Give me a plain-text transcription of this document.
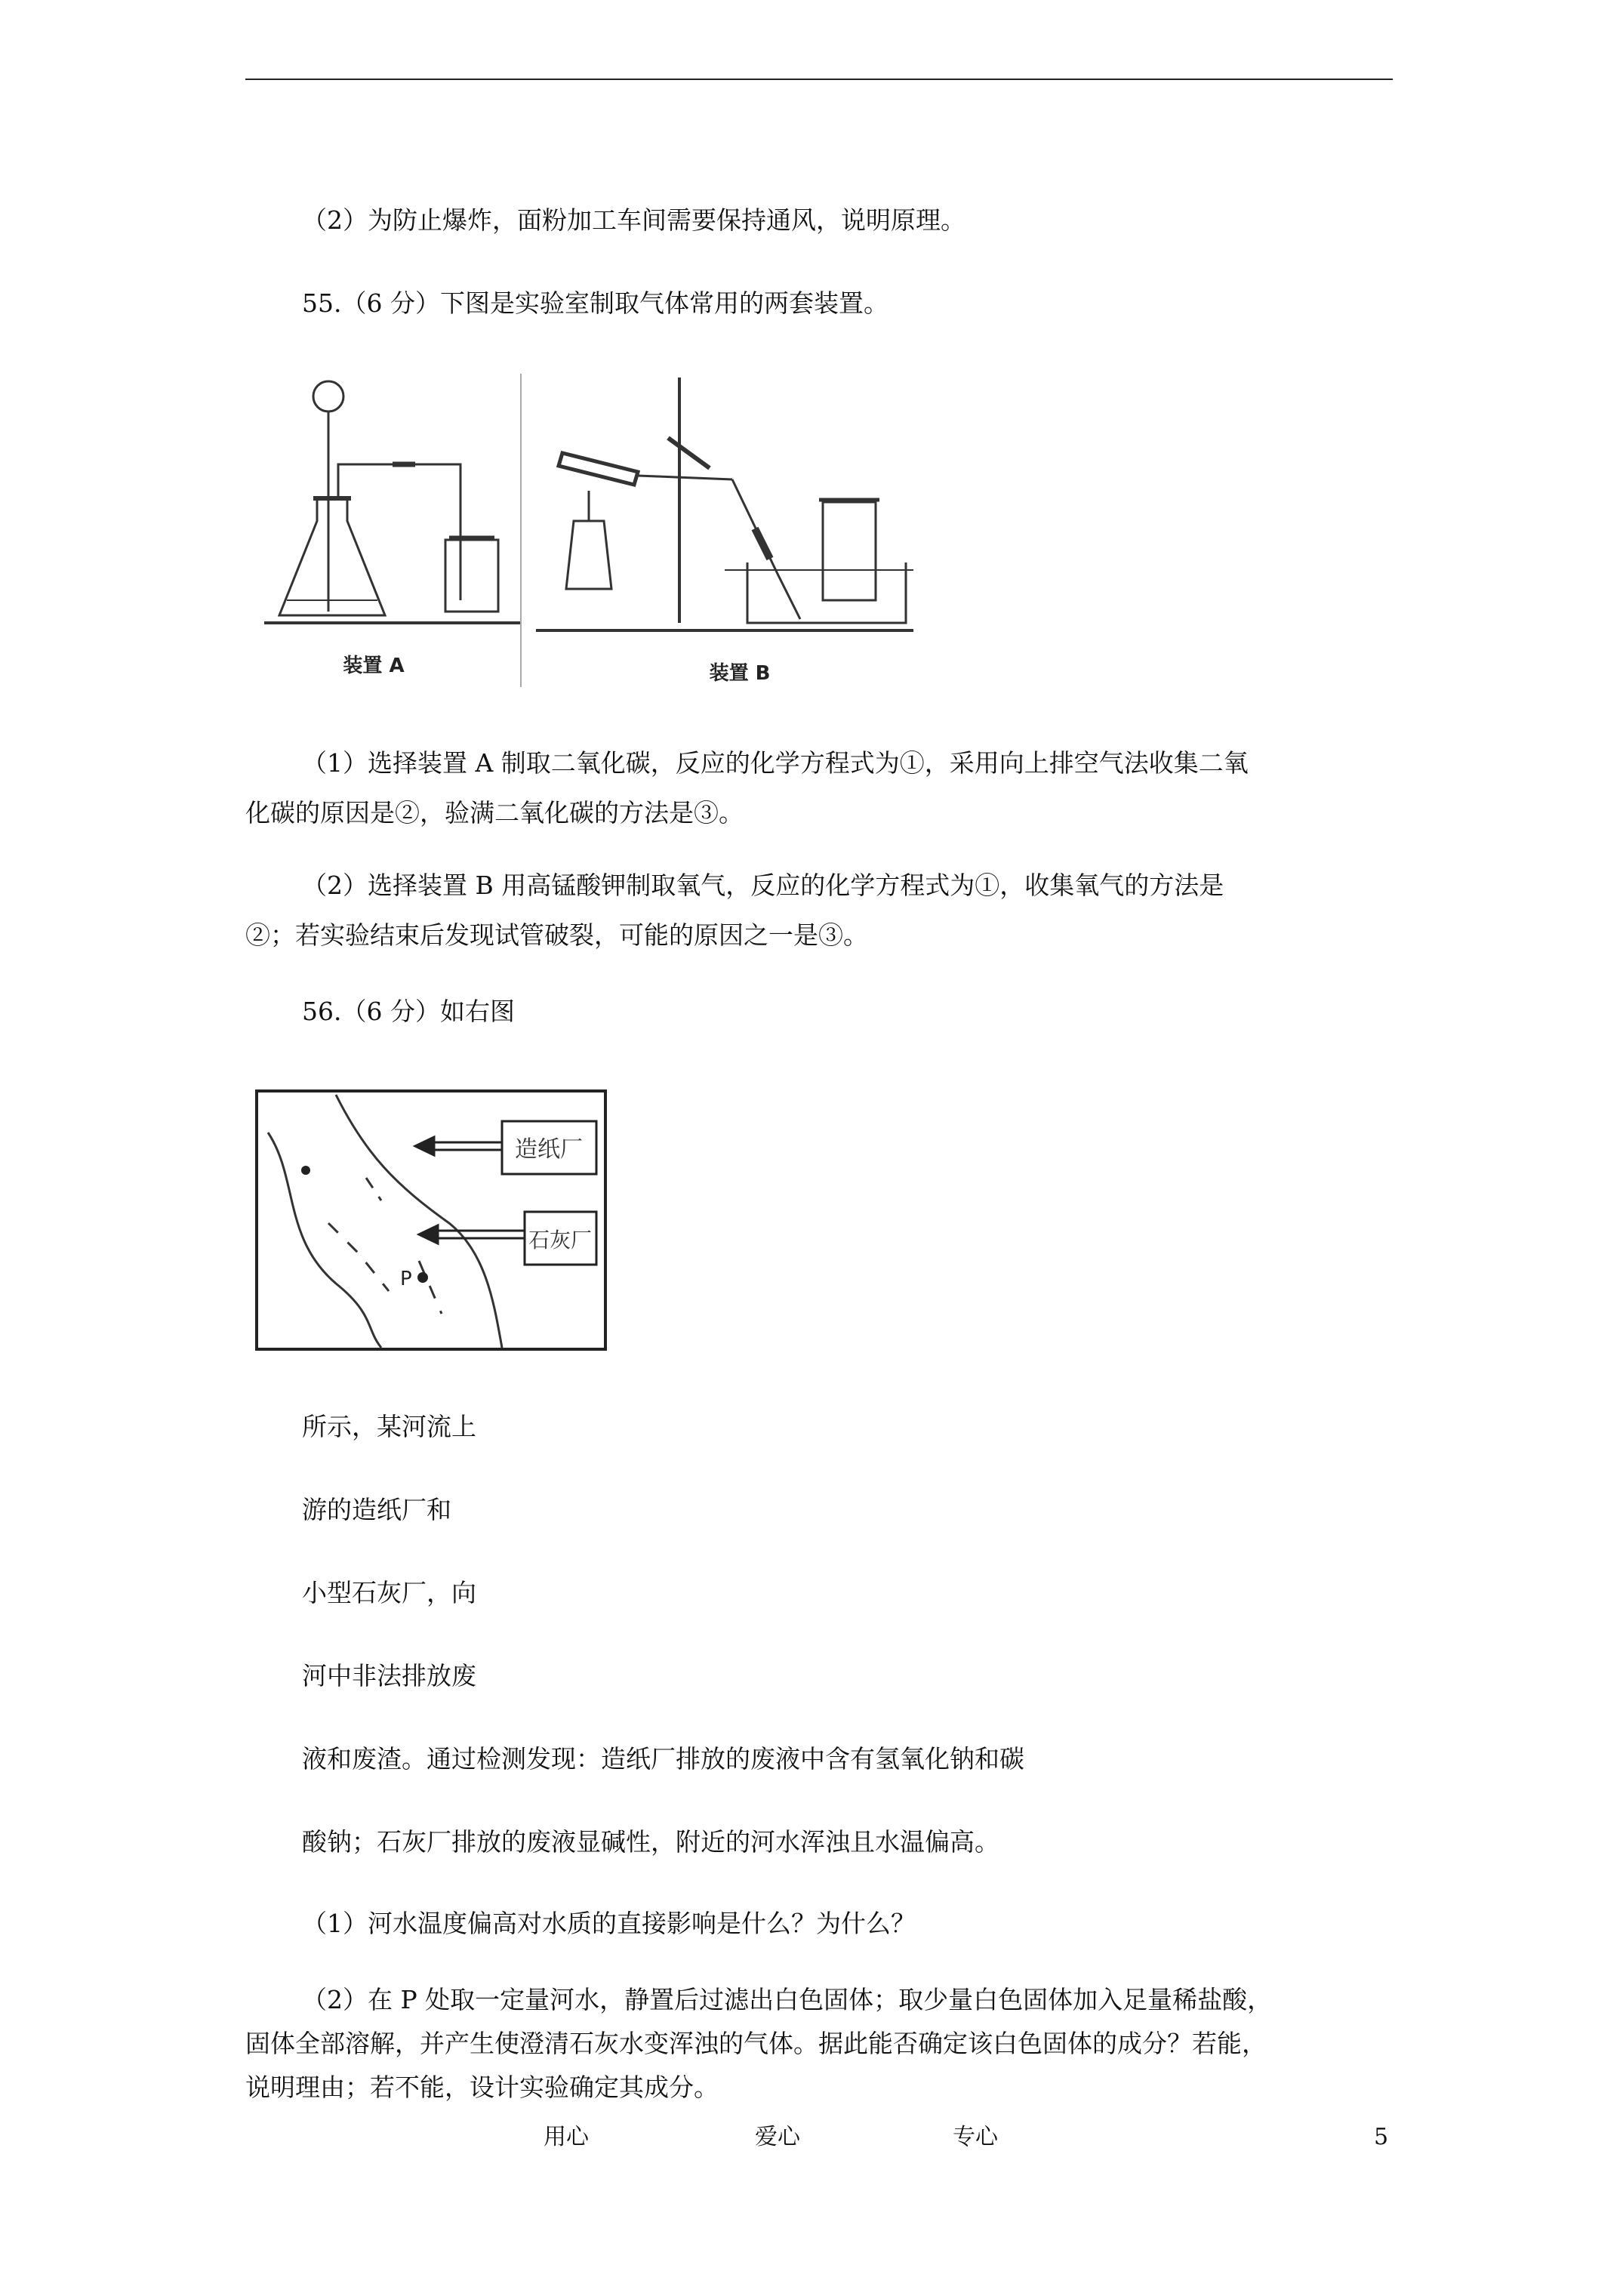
（2）为防止爆炸，面粉加工车间需要保持通风，说明原理。
55.（6 分）下图是实验室制取气体常用的两套装置。
装置 A	装置 B
（1）选择装置 A 制取二氧化碳，反应的化学方程式为①，采用向上排空气法收集二氧
化碳的原因是②，验满二氧化碳的方法是③。
（2）选择装置 B 用高锰酸钾制取氧气，反应的化学方程式为①，收集氧气的方法是
②；若实验结束后发现试管破裂，可能的原因之一是③。
56.（6 分）如右图
造纸厂
石灰厂
P
所示，某河流上
游的造纸厂和
小型石灰厂，向
河中非法排放废
液和废渣。通过检测发现：造纸厂排放的废液中含有氢氧化钠和碳
酸钠；石灰厂排放的废液显碱性，附近的河水浑浊且水温偏高。
（1）河水温度偏高对水质的直接影响是什么？为什么？
（2）在 P 处取一定量河水，静置后过滤出白色固体；取少量白色固体加入足量稀盐酸，
固体全部溶解，并产生使澄清石灰水变浑浊的气体。据此能否确定该白色固体的成分？若能，
说明理由；若不能，设计实验确定其成分。
用心	爱心	专心	5
